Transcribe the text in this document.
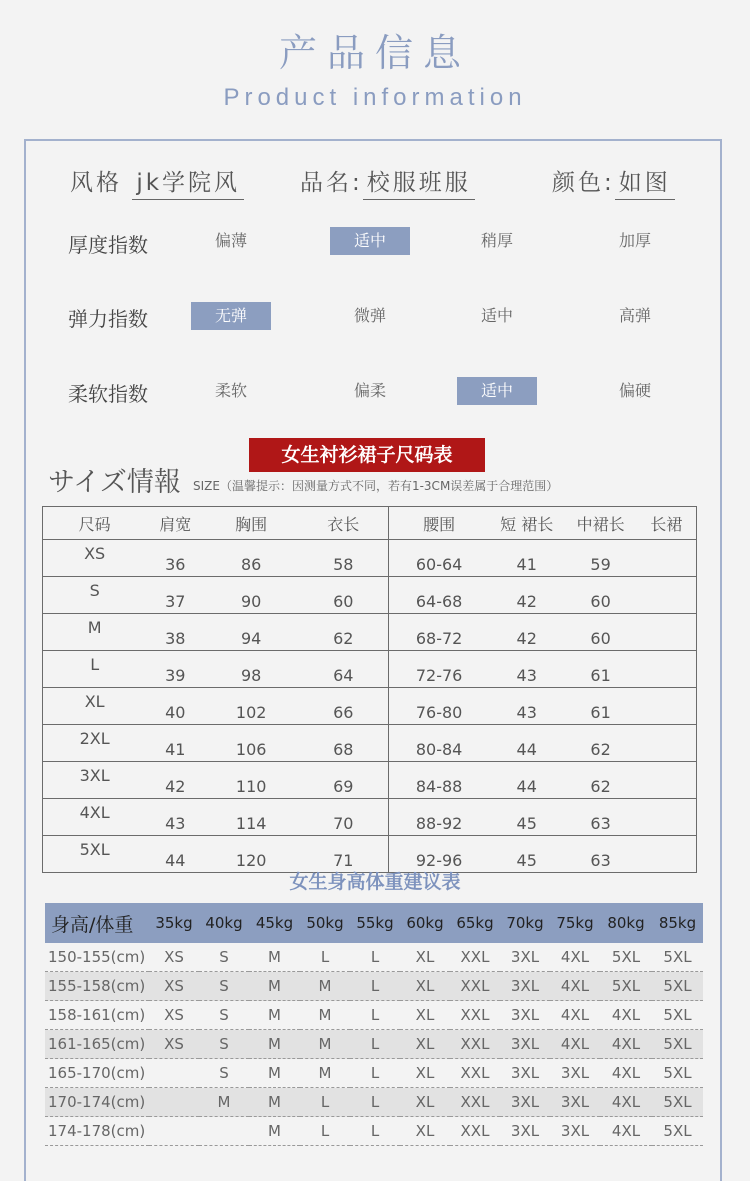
产品信息
Product information
风格 jk学院风	品名: 校服班服	颜色: 如图
厚度指数	偏薄	适中	稍厚	加厚
弹力指数	无弹	微弹	适中	高弹
柔软指数	柔软	偏柔	适中	偏硬
女生衬衫裙子尺码表
サイズ情報 SIZE（温馨提示：因测量方式不同，若有1-3CM误差属于合理范围）
尺码	肩宽	胸围	衣长	腰围	短 裙长	中裙长	长裙
XS	36	86	58	60-64	41	59	
S	37	90	60	64-68	42	60	
M	38	94	62	68-72	42	60	
L	39	98	64	72-76	43	61	
XL	40	102	66	76-80	43	61	
2XL	41	106	68	80-84	44	62	
3XL	42	110	69	84-88	44	62	
4XL	43	114	70	88-92	45	63	
5XL	44	120	71	92-96	45	63	
女生身高体重建议表
身高/体重	35kg	40kg	45kg	50kg	55kg	60kg	65kg	70kg	75kg	80kg	85kg
150-155(cm)	XS	S	M	L	L	XL	XXL	3XL	4XL	5XL	5XL
155-158(cm)	XS	S	M	M	L	XL	XXL	3XL	4XL	5XL	5XL
158-161(cm)	XS	S	M	M	L	XL	XXL	3XL	4XL	4XL	5XL
161-165(cm)	XS	S	M	M	L	XL	XXL	3XL	4XL	4XL	5XL
165-170(cm)		S	M	M	L	XL	XXL	3XL	3XL	4XL	5XL
170-174(cm)		M	M	L	L	XL	XXL	3XL	3XL	4XL	5XL
174-178(cm)			M	L	L	XL	XXL	3XL	3XL	4XL	5XL
